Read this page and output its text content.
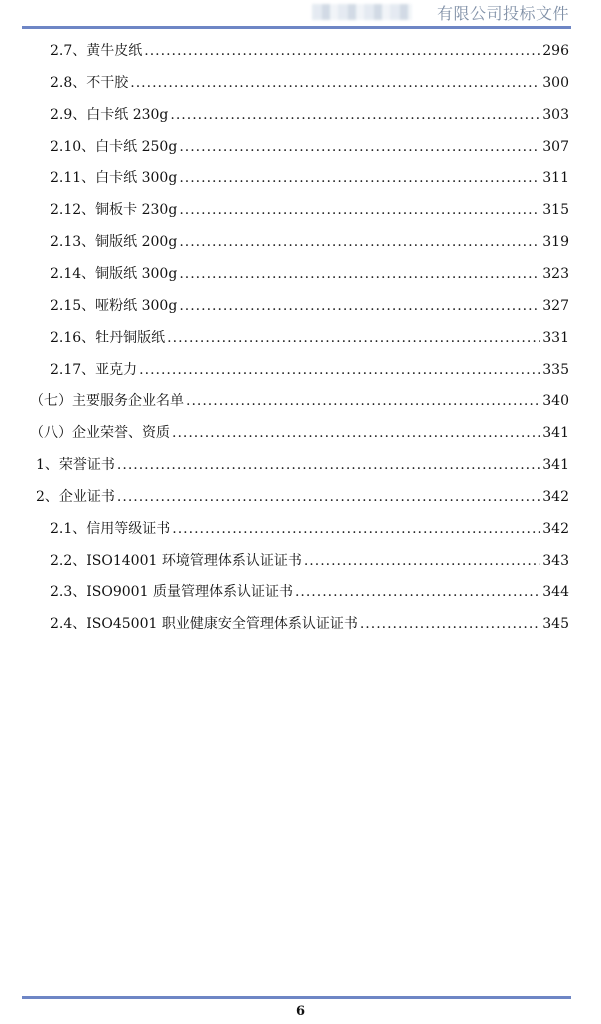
有限公司投标文件
2.7、黄牛皮纸 .....	296
2.8、不干胶 .....	300
2.9、白卡纸 230g .....	303
2.10、白卡纸 250g .....	307
2.11、白卡纸 300g .....	311
2.12、铜板卡 230g .....	315
2.13、铜版纸 200g .....	319
2.14、铜版纸 300g .....	323
2.15、哑粉纸 300g .....	327
2.16、牡丹铜版纸 .....	331
2.17、亚克力 .....	335
（七）主要服务企业名单 .....	340
（八）企业荣誉、资质 .....	341
1、荣誉证书 .....	341
2、企业证书 .....	342
2.1、信用等级证书 .....	342
2.2、ISO14001 环境管理体系认证证书 .....	343
2.3、ISO9001 质量管理体系认证证书 .....	344
2.4、ISO45001 职业健康安全管理体系认证证书 .....	345
6
